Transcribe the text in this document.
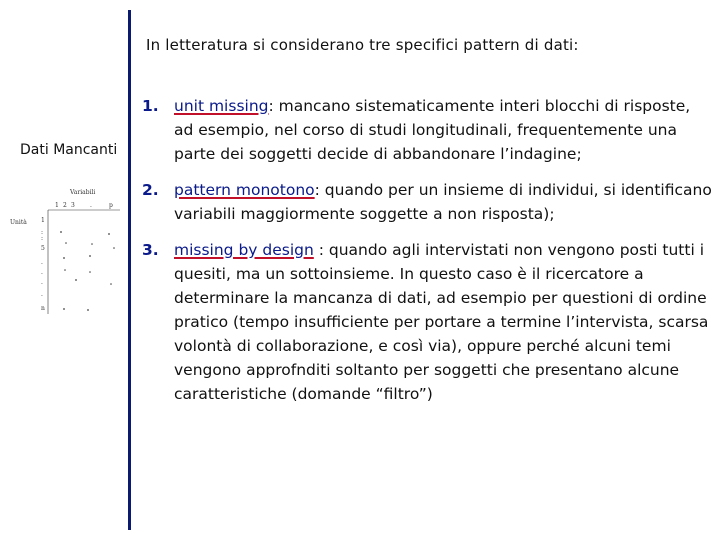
In letteratura si considerano tre specifici pattern di dati:
Dati Mancanti
Variabili
1 2 3	.	p
Unità 1
:
:
5
.
.
.
.
n
1. unit missing: mancano sistematicamente interi blocchi di risposte, ad esempio, nel corso di studi longitudinali, frequentemente una parte dei soggetti decide di abbandonare l’indagine;
2. pattern monotono: quando per un insieme di individui, si identificano variabili maggiormente soggette a non risposta);
3. missing by design : quando agli intervistati non vengono posti tutti i quesiti, ma un sottoinsieme. In questo caso è il ricercatore a determinare la mancanza di dati, ad esempio per questioni di ordine pratico (tempo insufficiente per portare a termine l’intervista, scarsa volontà di collaborazione, e così via), oppure perché alcuni temi vengono approfnditi soltanto per soggetti che presentano alcune caratteristiche (domande “filtro”)
